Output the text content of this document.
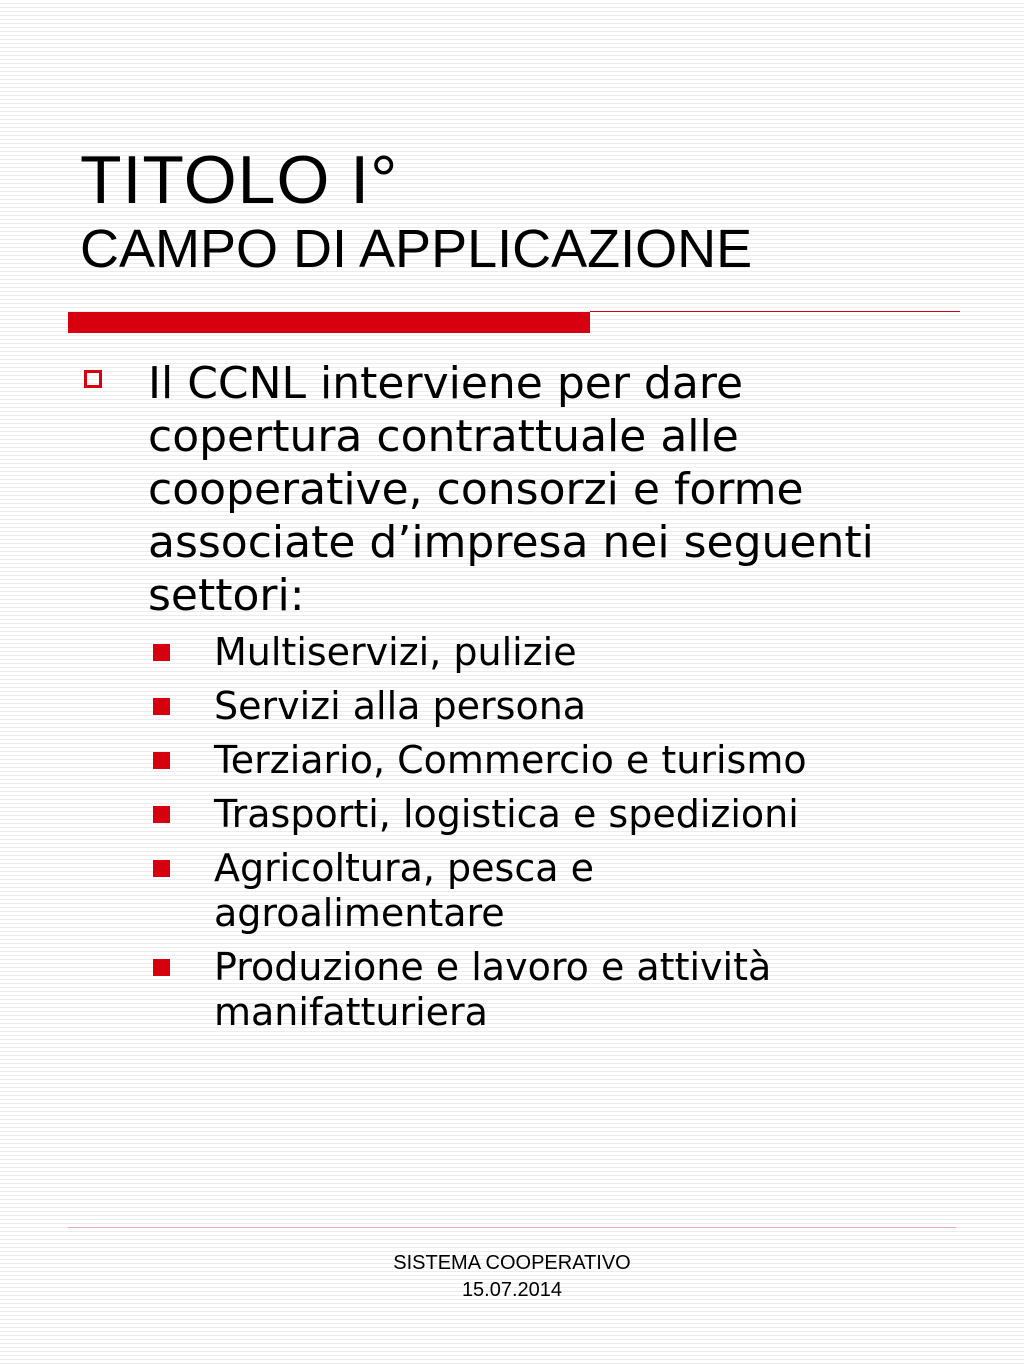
TITOLO I°
CAMPO DI APPLICAZIONE

Il CCNL interviene per dare copertura contrattuale alle cooperative, consorzi e forme associate d’impresa nei seguenti settori:

Multiservizi, pulizie
Servizi alla persona
Terziario, Commercio e turismo
Trasporti, logistica e spedizioni
Agricoltura, pesca e agroalimentare
Produzione e lavoro e attività manifatturiera
SISTEMA COOPERATIVO
15.07.2014
